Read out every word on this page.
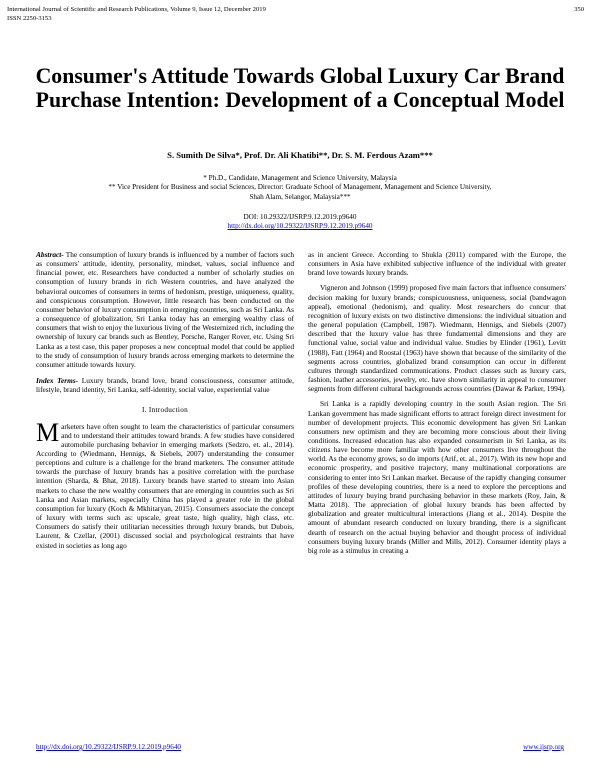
International Journal of Scientific and Research Publications, Volume 9, Issue 12, December 2019
ISSN 2250-3153
350
Consumer's Attitude Towards Global Luxury Car Brand Purchase Intention: Development of a Conceptual Model
S. Sumith De Silva*, Prof. Dr. Ali Khatibi**, Dr. S. M. Ferdous Azam***
* Ph.D., Candidate, Management and Science University, Malaysia
** Vice President for Business and social Sciences, Director: Graduate School of Management, Management and Science University,
Shah Alam, Selangor, Malaysia***
DOI: 10.29322/IJSRP.9.12.2019.p9640
http://dx.doi.org/10.29322/IJSRP.9.12.2019.p9640

Abstract- The consumption of luxury brands is influenced by a number of factors such as consumers' attitude, identity, personality, mindset, values, social influence and financial power, etc. Researchers have conducted a number of scholarly studies on consumption of luxury brands in rich Western countries, and have analyzed the behavioral outcomes of consumers in terms of hedonism, prestige, uniqueness, quality, and conspicuous consumption. However, little research has been conducted on the consumer behavior of luxury consumption in emerging countries, such as Sri Lanka. As a consequence of globalization, Sri Lanka today has an emerging wealthy class of consumers that wish to enjoy the luxurious living of the Westernized rich, including the ownership of luxury car brands such as Bentley, Porsche, Ranger Rover, etc. Using Sri Lanka as a test case, this paper proposes a new conceptual model that could be applied to the study of consumption of luxury brands across emerging markets to determine the consumer attitude towards luxury.

Index Terms- Luxury brands, brand love, brand consciousness, consumer attitude, lifestyle, brand identity, Sri Lanka, self-identity, social value, experiential value

I. Introduction

Marketers have often sought to learn the characteristics of particular consumers and to understand their attitudes toward brands. A few studies have considered automobile purchasing behavior in emerging markets (Sedzro, et. al., 2014). According to (Wiedmann, Hennigs, & Siebels, 2007) understanding the consumer perceptions and culture is a challenge for the brand marketers. The consumer attitude towards the purchase of luxury brands has a positive correlation with the purchase intention (Sharda, & Bhat, 2018). Luxury brands have started to stream into Asian markets to chase the new wealthy consumers that are emerging in countries such as Sri Lanka and Asian markets, especially China has played a greater role in the global consumption for luxury (Koch & Mkhitaryan, 2015). Consumers associate the concept of luxury with terms such as: upscale, great taste, high quality, high class, etc. Consumers do satisfy their utilitarian necessities through luxury brands, but Dubois, Laurent, & Czellar, (2001) discussed social and psychological restraints that have existed in societies as long ago

as in ancient Greece. According to Shukla (2011) compared with the Europe, the consumers in Asia have exhibited subjective influence of the individual with greater brand love towards luxury brands.

Vigneron and Johnson (1999) proposed five main factors that influence consumers' decision making for luxury brands; conspicuousness, uniqueness, social (bandwagon appeal), emotional (hedonism), and quality. Most researchers do concur that recognition of luxury exists on two distinctive dimensions: the individual situation and the general population (Campbell, 1987). Wiedmann, Hennigs, and Siebels (2007) described that the luxury value has three fundamental dimensions and they are functional value, social value and individual value. Studies by Elinder (1961), Levitt (1988), Fatt (1964) and Roostal (1963) have shown that because of the similarity of the segments across countries, globalized brand consumption can occur in different cultures through standardized communications. Product classes such as luxury cars, fashion, leather accessories, jewelry, etc. have shown similarity in appeal to consumer segments from different cultural backgrounds across countries (Dawar & Parker, 1994).

Sri Lanka is a rapidly developing country in the south Asian region. The Sri Lankan government has made significant efforts to attract foreign direct investment for number of development projects. This economic development has given Sri Lankan consumers new optimism and they are becoming more conscious about their living conditions. Increased education has also expanded consumerism in Sri Lanka, as its citizens have become more familiar with how other consumers live throughout the world. As the economy grows, so do imports (Arif, et. al., 2017). With its new hope and economic prosperity, and positive trajectory, many multinational corporations are considering to enter into Sri Lankan market. Because of the rapidly changing consumer profiles of these developing countries, there is a need to explore the perceptions and attitudes of luxury buying brand purchasing behavior in these markets (Roy, Jain, & Matta 2018). The appreciation of global luxury brands has been affected by globalization and greater multicultural interactions (Jiang et al., 2014). Despite the amount of abundant research conducted on luxury branding, there is a significant dearth of research on the actual buying behavior and thought process of individual consumers buying luxury brands (Miller and Mills, 2012). Consumer identity plays a big role as a stimulus in creating a

http://dx.doi.org/10.29322/IJSRP.9.12.2019.p9640	www.ijsrp.org
